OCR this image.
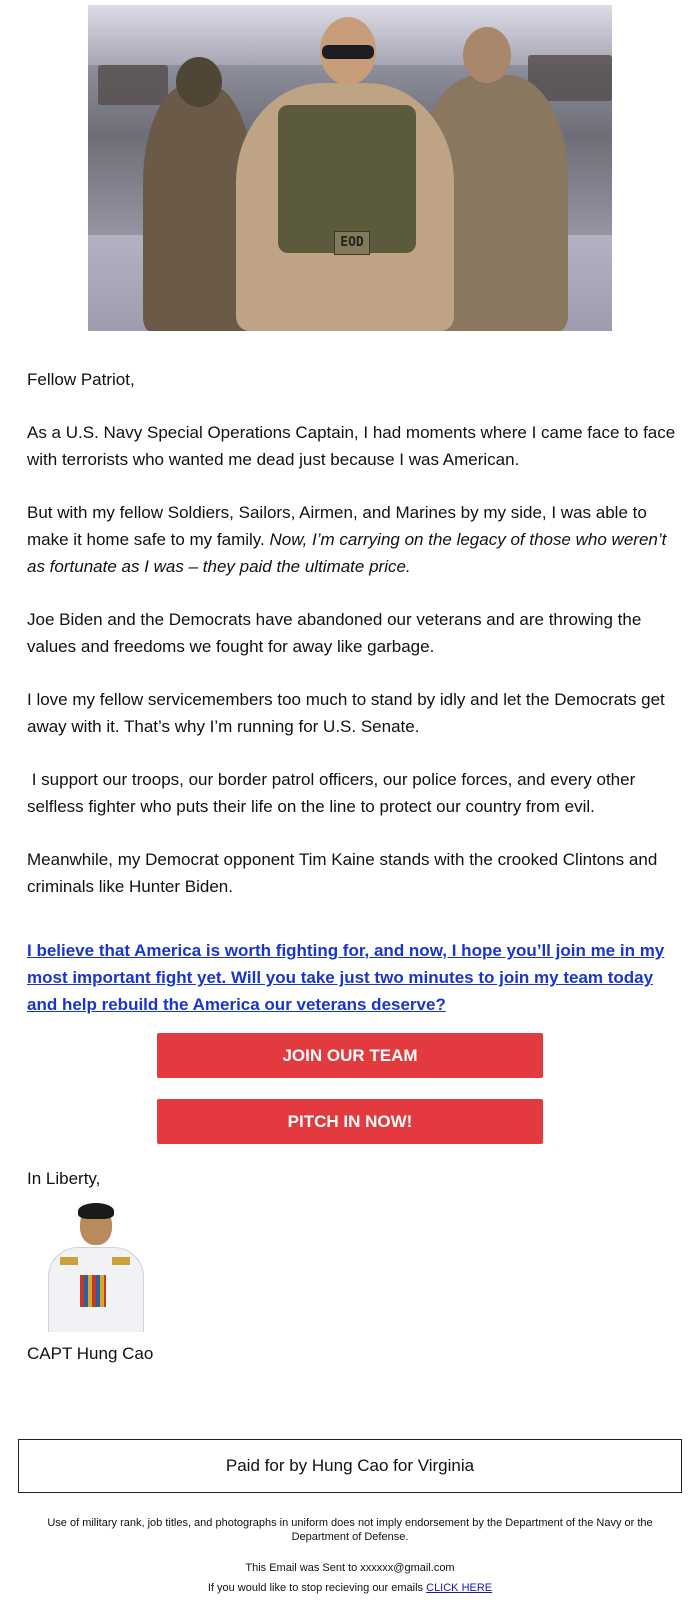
EOD

Fellow Patriot,

As a U.S. Navy Special Operations Captain, I had moments where I came face to face with terrorists who wanted me dead just because I was American.

But with my fellow Soldiers, Sailors, Airmen, and Marines by my side, I was able to make it home safe to my family. Now, I’m carrying on the legacy of those who weren’t as fortunate as I was – they paid the ultimate price.

Joe Biden and the Democrats have abandoned our veterans and are throwing the values and freedoms we fought for away like garbage.

I love my fellow servicemembers too much to stand by idly and let the Democrats get away with it. That’s why I’m running for U.S. Senate.

I support our troops, our border patrol officers, our police forces, and every other selfless fighter who puts their life on the line to protect our country from evil.

Meanwhile, my Democrat opponent Tim Kaine stands with the crooked Clintons and criminals like Hunter Biden.

I believe that America is worth fighting for, and now, I hope you’ll join me in my most important fight yet. Will you take just two minutes to join my team today and help rebuild the America our veterans deserve?
JOIN OUR TEAM
PITCH IN NOW!

In Liberty,

CAPT Hung Cao

Paid for by Hung Cao for Virginia
Use of military rank, job titles, and photographs in uniform does not imply endorsement by the Department of the Navy or the Department of Defense.
This Email was Sent to xxxxxx@gmail.com
If you would like to stop recieving our emails CLICK HERE
